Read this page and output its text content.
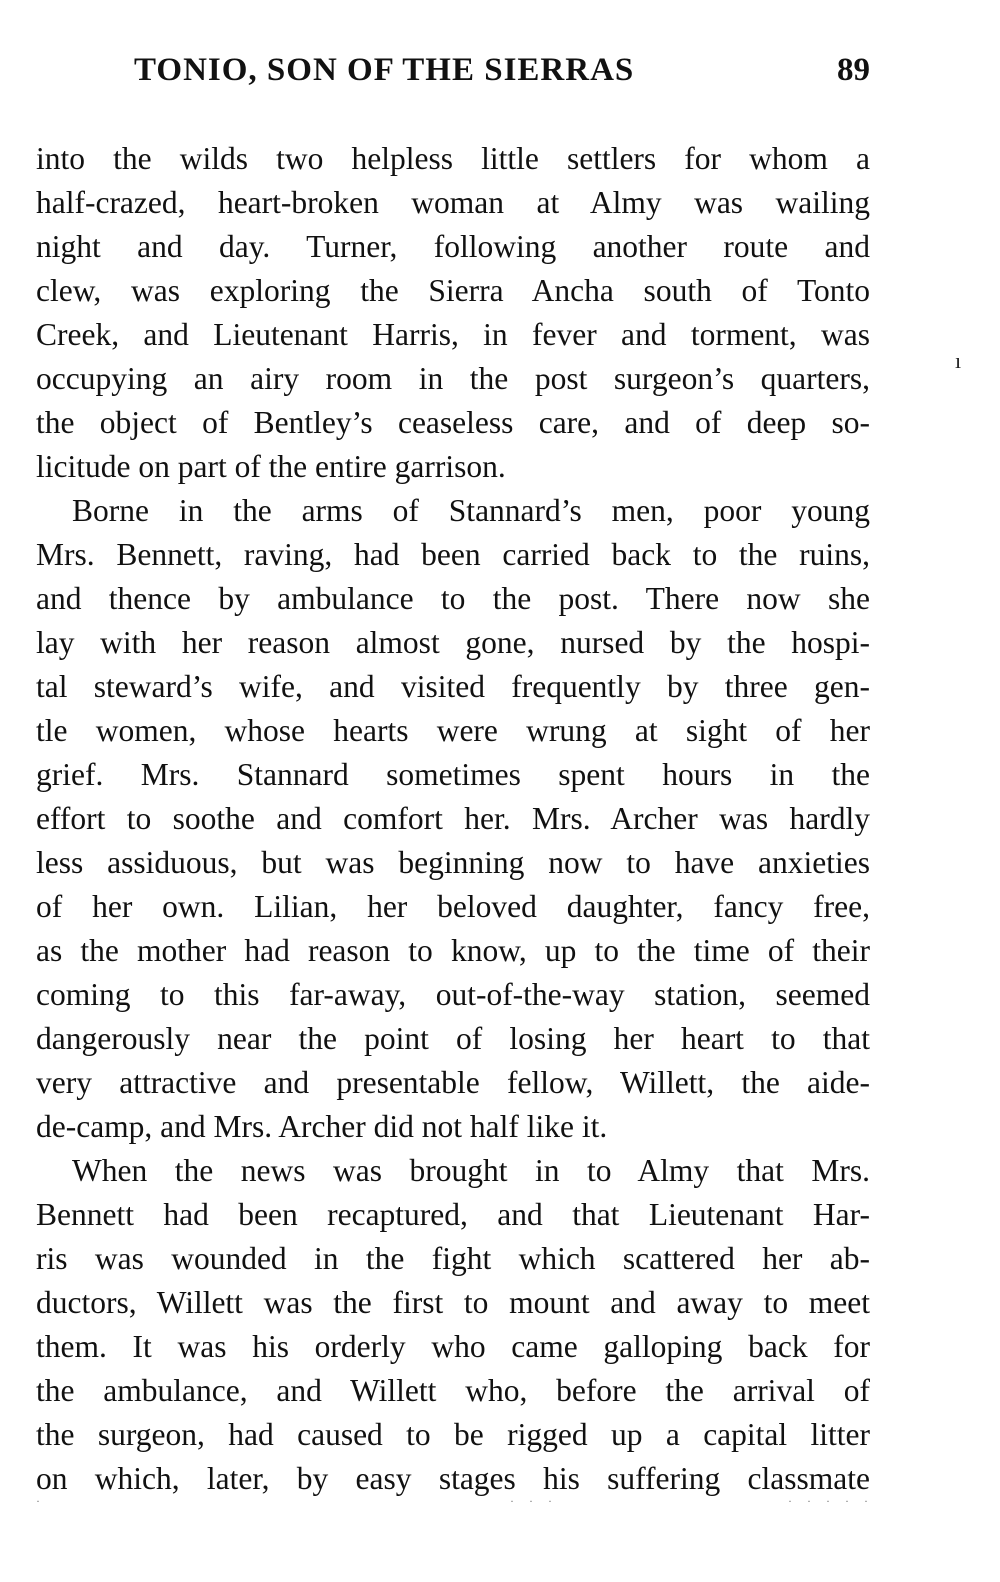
TONIO, SON OF THE SIERRAS	89
into the wilds two helpless little settlers for whom a
half-crazed, heart-broken woman at Almy was wailing
night and day. Turner, following another route and
clew, was exploring the Sierra Ancha south of Tonto
Creek, and Lieutenant Harris, in fever and torment, was
occupying an airy room in the post surgeon’s quarters,
the object of Bentley’s ceaseless care, and of deep so-
licitude on part of the entire garrison.
Borne in the arms of Stannard’s men, poor young
Mrs. Bennett, raving, had been carried back to the ruins,
and thence by ambulance to the post. There now she
lay with her reason almost gone, nursed by the hospi-
tal steward’s wife, and visited frequently by three gen-
tle women, whose hearts were wrung at sight of her
grief. Mrs. Stannard sometimes spent hours in the
effort to soothe and comfort her. Mrs. Archer was hardly
less assiduous, but was beginning now to have anxieties
of her own. Lilian, her beloved daughter, fancy free,
as the mother had reason to know, up to the time of their
coming to this far-away, out-of-the-way station, seemed
dangerously near the point of losing her heart to that
very attractive and presentable fellow, Willett, the aide-
de-camp, and Mrs. Archer did not half like it.
When the news was brought in to Almy that Mrs.
Bennett had been recaptured, and that Lieutenant Har-
ris was wounded in the fight which scattered her ab-
ductors, Willett was the first to mount and away to meet
them. It was his orderly who came galloping back for
the ambulance, and Willett who, before the arrival of
the surgeon, had caused to be rigged up a capital litter
on which, later, by easy stages his suffering classmate
ı
·	· · ·	· · · · ·
